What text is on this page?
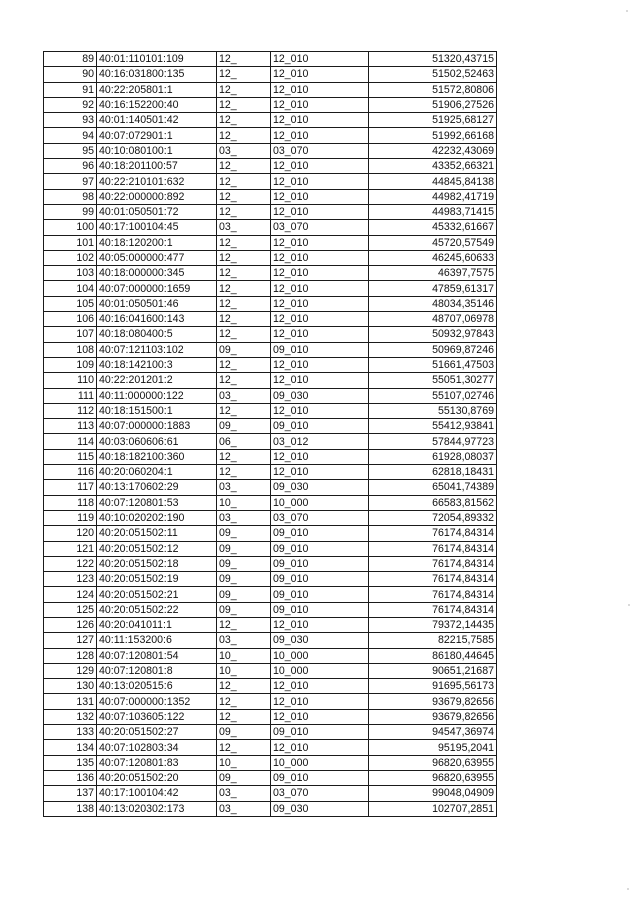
89	40:01:110101:109	12_	12_010	51320,43715
90	40:16:031800:135	12_	12_010	51502,52463
91	40:22:205801:1	12_	12_010	51572,80806
92	40:16:152200:40	12_	12_010	51906,27526
93	40:01:140501:42	12_	12_010	51925,68127
94	40:07:072901:1	12_	12_010	51992,66168
95	40:10:080100:1	03_	03_070	42232,43069
96	40:18:201100:57	12_	12_010	43352,66321
97	40:22:210101:632	12_	12_010	44845,84138
98	40:22:000000:892	12_	12_010	44982,41719
99	40:01:050501:72	12_	12_010	44983,71415
100	40:17:100104:45	03_	03_070	45332,61667
101	40:18:120200:1	12_	12_010	45720,57549
102	40:05:000000:477	12_	12_010	46245,60633
103	40:18:000000:345	12_	12_010	46397,7575
104	40:07:000000:1659	12_	12_010	47859,61317
105	40:01:050501:46	12_	12_010	48034,35146
106	40:16:041600:143	12_	12_010	48707,06978
107	40:18:080400:5	12_	12_010	50932,97843
108	40:07:121103:102	09_	09_010	50969,87246
109	40:18:142100:3	12_	12_010	51661,47503
110	40:22:201201:2	12_	12_010	55051,30277
111	40:11:000000:122	03_	09_030	55107,02746
112	40:18:151500:1	12_	12_010	55130,8769
113	40:07:000000:1883	09_	09_010	55412,93841
114	40:03:060606:61	06_	03_012	57844,97723
115	40:18:182100:360	12_	12_010	61928,08037
116	40:20:060204:1	12_	12_010	62818,18431
117	40:13:170602:29	03_	09_030	65041,74389
118	40:07:120801:53	10_	10_000	66583,81562
119	40:10:020202:190	03_	03_070	72054,89332
120	40:20:051502:11	09_	09_010	76174,84314
121	40:20:051502:12	09_	09_010	76174,84314
122	40:20:051502:18	09_	09_010	76174,84314
123	40:20:051502:19	09_	09_010	76174,84314
124	40:20:051502:21	09_	09_010	76174,84314
125	40:20:051502:22	09_	09_010	76174,84314
126	40:20:041011:1	12_	12_010	79372,14435
127	40:11:153200:6	03_	09_030	82215,7585
128	40:07:120801:54	10_	10_000	86180,44645
129	40:07:120801:8	10_	10_000	90651,21687
130	40:13:020515:6	12_	12_010	91695,56173
131	40:07:000000:1352	12_	12_010	93679,82656
132	40:07:103605:122	12_	12_010	93679,82656
133	40:20:051502:27	09_	09_010	94547,36974
134	40:07:102803:34	12_	12_010	95195,2041
135	40:07:120801:83	10_	10_000	96820,63955
136	40:20:051502:20	09_	09_010	96820,63955
137	40:17:100104:42	03_	03_070	99048,04909
138	40:13:020302:173	03_	09_030	102707,2851
